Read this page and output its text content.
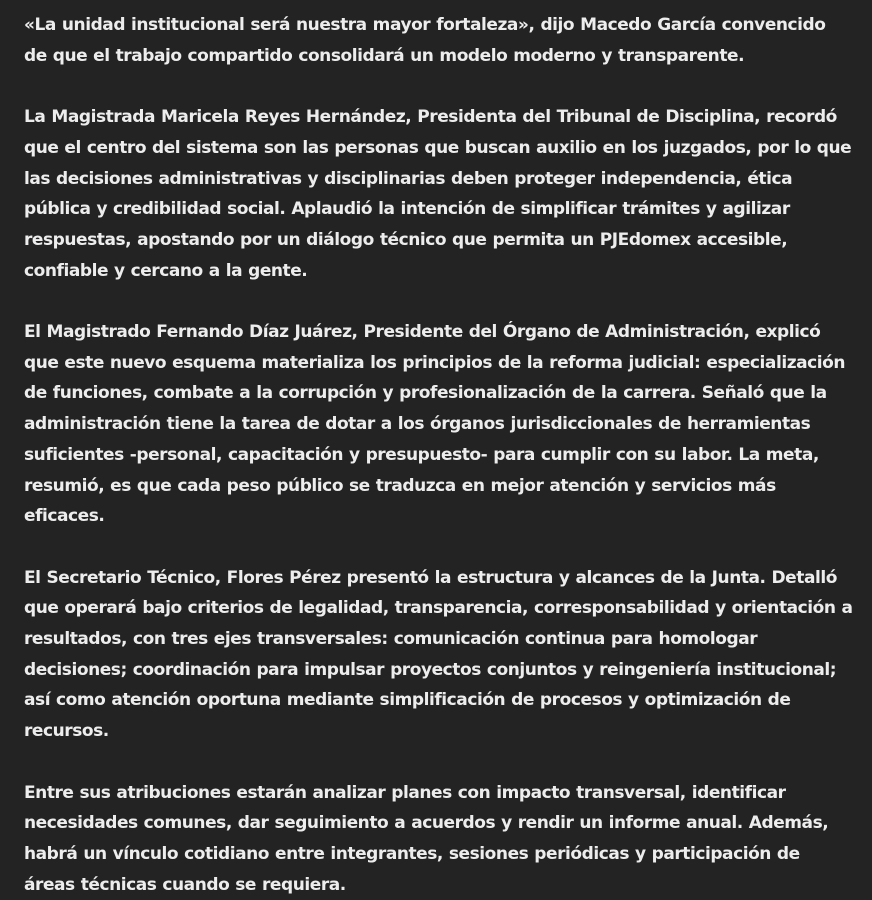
«La unidad institucional será nuestra mayor fortaleza», dijo Macedo García convencido de que el trabajo compartido consolidará un modelo moderno y transparente.

La Magistrada Maricela Reyes Hernández, Presidenta del Tribunal de Disciplina, recordó que el centro del sistema son las personas que buscan auxilio en los juzgados, por lo que las decisiones administrativas y disciplinarias deben proteger independencia, ética pública y credibilidad social. Aplaudió la intención de simplificar trámites y agilizar respuestas, apostando por un diálogo técnico que permita un PJEdomex accesible, confiable y cercano a la gente.

El Magistrado Fernando Díaz Juárez, Presidente del Órgano de Administración, explicó que este nuevo esquema materializa los principios de la reforma judicial: especialización de funciones, combate a la corrupción y profesionalización de la carrera. Señaló que la administración tiene la tarea de dotar a los órganos jurisdiccionales de herramientas suficientes -personal, capacitación y presupuesto- para cumplir con su labor. La meta, resumió, es que cada peso público se traduzca en mejor atención y servicios más eficaces.

El Secretario Técnico, Flores Pérez presentó la estructura y alcances de la Junta. Detalló que operará bajo criterios de legalidad, transparencia, corresponsabilidad y orientación a resultados, con tres ejes transversales: comunicación continua para homologar decisiones; coordinación para impulsar proyectos conjuntos y reingeniería institucional; así como atención oportuna mediante simplificación de procesos y optimización de recursos.

Entre sus atribuciones estarán analizar planes con impacto transversal, identificar necesidades comunes, dar seguimiento a acuerdos y rendir un informe anual. Además, habrá un vínculo cotidiano entre integrantes, sesiones periódicas y participación de áreas técnicas cuando se requiera.
